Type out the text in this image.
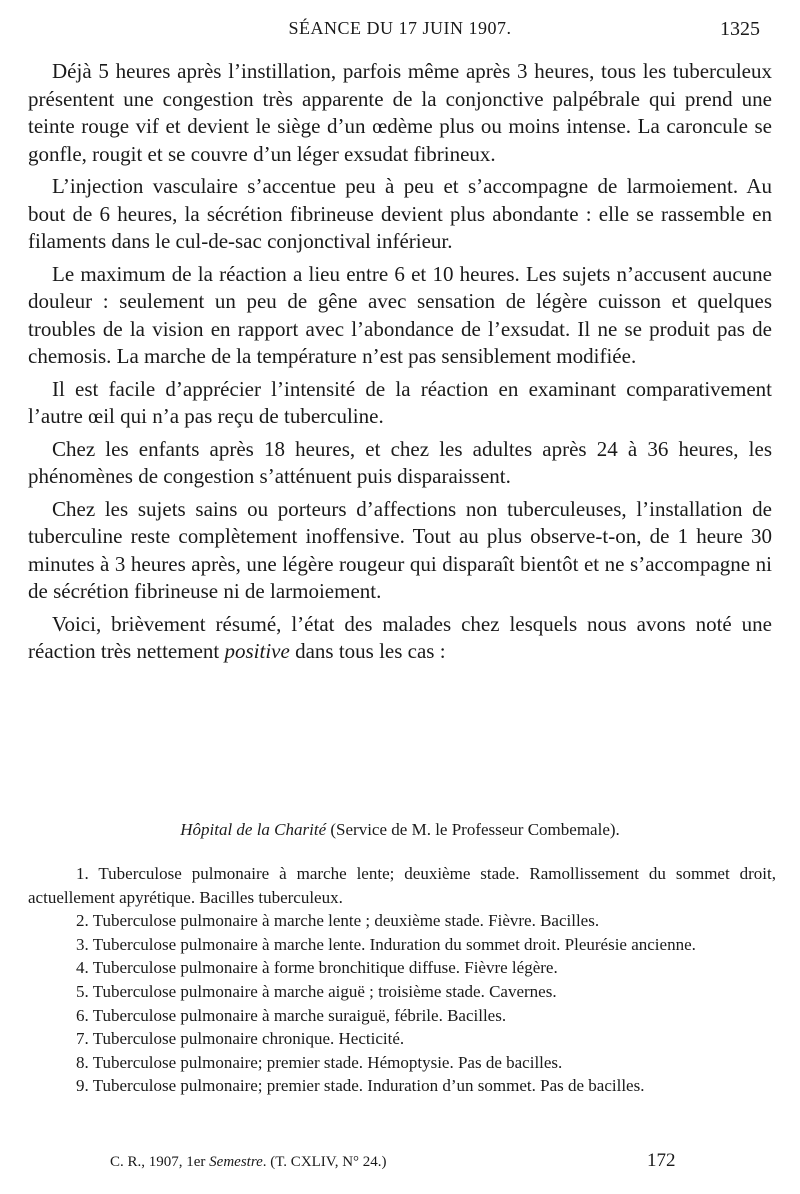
SÉANCE DU 17 JUIN 1907.	1325

Déjà 5 heures après l’instillation, parfois même après 3 heures, tous les tuberculeux présentent une congestion très apparente de la conjonctive palpébrale qui prend une teinte rouge vif et devient le siège d’un œdème plus ou moins intense. La caroncule se gonfle, rougit et se couvre d’un léger exsudat fibrineux.

L’injection vasculaire s’accentue peu à peu et s’accompagne de larmoiement. Au bout de 6 heures, la sécrétion fibrineuse devient plus abondante : elle se rassemble en filaments dans le cul-de-sac conjonctival inférieur.

Le maximum de la réaction a lieu entre 6 et 10 heures. Les sujets n’accusent aucune douleur : seulement un peu de gêne avec sensation de légère cuisson et quelques troubles de la vision en rapport avec l’abondance de l’exsudat. Il ne se produit pas de chemosis. La marche de la température n’est pas sensiblement modifiée.

Il est facile d’apprécier l’intensité de la réaction en examinant comparativement l’autre œil qui n’a pas reçu de tuberculine.

Chez les enfants après 18 heures, et chez les adultes après 24 à 36 heures, les phénomènes de congestion s’atténuent puis disparaissent.

Chez les sujets sains ou porteurs d’affections non tuberculeuses, l’installation de tuberculine reste complètement inoffensive. Tout au plus observe-t-on, de 1 heure 30 minutes à 3 heures après, une légère rougeur qui disparaît bientôt et ne s’accompagne ni de sécrétion fibrineuse ni de larmoiement.

Voici, brièvement résumé, l’état des malades chez lesquels nous avons noté une réaction très nettement positive dans tous les cas :

Hôpital de la Charité (Service de M. le Professeur Combemale).
1. Tuberculose pulmonaire à marche lente; deuxième stade. Ramollissement du sommet droit, actuellement apyrétique. Bacilles tuberculeux.
2. Tuberculose pulmonaire à marche lente ; deuxième stade. Fièvre. Bacilles.
3. Tuberculose pulmonaire à marche lente. Induration du sommet droit. Pleurésie ancienne.
4. Tuberculose pulmonaire à forme bronchitique diffuse. Fièvre légère.
5. Tuberculose pulmonaire à marche aiguë ; troisième stade. Cavernes.
6. Tuberculose pulmonaire à marche suraiguë, fébrile. Bacilles.
7. Tuberculose pulmonaire chronique. Hecticité.
8. Tuberculose pulmonaire; premier stade. Hémoptysie. Pas de bacilles.
9. Tuberculose pulmonaire; premier stade. Induration d’un sommet. Pas de bacilles.
C. R., 1907, 1er Semestre. (T. CXLIV, N° 24.)	172
